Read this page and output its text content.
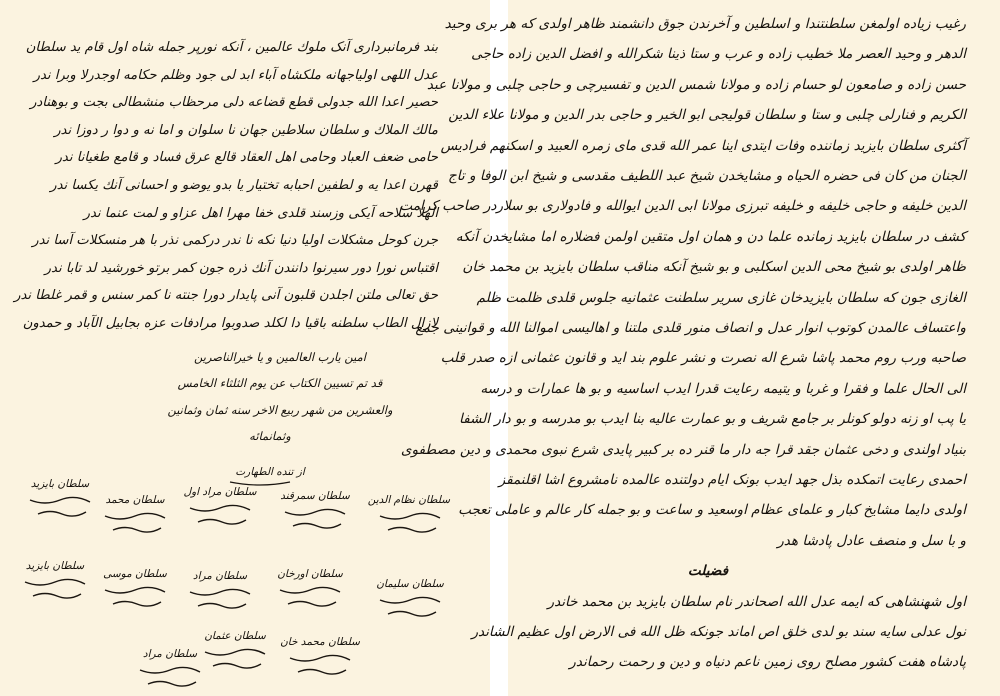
بند فرمانبرداری آنک ملوك عالمين ، آنکه نورپر جمله شاه اول قام ید سلطان
عدل اللهی اولیاجهانه ملکشاه آباء ابد لی جود وظلم حکامه اوجدرلا وبرا ندر
حصیر اعدا الله جدولی قطع قضاعه دلی مرحظاب منشطالی بجت و بوهنادر
مالك الملاك و سلطان سلاطین جهان نا سلوان و اما نه و دوا ر دوزا ندر
حامی ضعف العباد وحامی اهل العقاد قالع عرق فساد و قامع طغیانا ندر
قهرن اعدا یه و لطفین احبابه تختیار یا بدو یوضو و احسانی آنك یکسا ندر
الهلا سلاحه آیکی وزسند قلدی خفا مهرا اهل عزاو و لمت عنما ندر
جرن کوحل مشکلات اولیا دنیا نکه نا ندر درکمی نذر با هر منسکلات آسا ندر
اقتباس نورا دور سیرنوا دانندن آنك ذره جون کمر برتو خورشید لد تابا ندر
حق تعالی ملتن اجلدن قلبون آنی پایدار دورا جنته نا کمر سنس و قمر غلطا ندر
لازال الطاب سلطنه باقیا دا لکلد صدوبوا مرادفات عزه بجابیل الآباد و حمدون
امین یارب العالمین و یا خیرالناصرین
قد تم تسیین الکتاب عن یوم الثلثاء الخامس
والعشرین من شهر ربیع الاخر سنه ثمان وثمانین
وثمانمائه
از تنده الطهارت
سلطان نظام الدین
سلطان سمرقند
سلطان مراد اول
سلطان محمد
سلطان بایزید
سلطان سلیمان
سلطان اورخان
سلطان مراد
سلطان موسی
سلطان بایزید
سلطان عثمان	سلطان محمد خان
سلطان مراد
رغیب زیاده اولمغن سلطنتندا و اسلطین و آخرندن جوق دانشمند ظاهر اولدی که هر بری وحید
الدهر و وحید العصر ملا خطیب زاده و عرب و ستا ذینا شکرالله و افضل الدین زاده حاجی
حسن زاده و صامعون لو حسام زاده و مولانا شمس الدین و تفسیرچی و حاجی چلبی و مولانا عبد
الکریم و فنارلی چلبی و ستا و سلطان قولیجی ابو الخیر و حاجی بدر الدین و مولانا علاء الدین
آکثری سلطان بایزید زماننده وفات ایتدی اینا عمر الله قدی مای زمره العبید و اسکنهم فرادیس
الجنان من کان فی حضره الحیاه و مشایخدن شیخ عبد اللطیف مقدسی و شیخ ابن الوفا و تاج
الدین خلیفه و حاجی خلیفه و خلیفه تبرزی مولانا ابی الدین ایوالله و فادولاری بو سلاردر صاحب کرامت
کشف در سلطان بایزید زمانده علما دن و همان اول متقین اولمن فضلاره اما مشایخدن آنکه
ظاهر اولدی بو شیخ محی الدین اسکلبی و بو شیخ آنکه مناقب سلطان بایزید بن محمد خان
الغازی جون که سلطان بایزیدخان غازی سریر سلطنت عثمانیه جلوس قلدی ظلمت ظلم
واعتساف عالمدن کوتوب انوار عدل و انصاف منور قلدی ملتنا و اهالیسی اموالنا الله و قوانینی جمع
صاحبه ورب روم محمد پاشا شرع اله نصرت و نشر علوم بند اید و قانون عثمانی ازه صدر قلب
الی الحال علما و فقرا و غربا و یتیمه رعایت قدرا ایدب اساسیه و بو ها عمارات و درسه
یا پب او زنه دولو کونلر بر جامع شریف و بو عمارت عالیه بنا ایدب بو مدرسه و بو دار الشفا
بنیاد اولندی و دخی عثمان جقد قرا جه دار ما قنر ده بر کبیر پایدی شرع نبوی محمدی و دین مصطفوی
احمدی رعایت اتمکده بذل جهد ایدب بونک ایام دولتنده عالمده نامشروع اشا اقلنمقز
اولدی دایما مشایخ کبار و علمای عظام اوسعید و ساعت و بو جمله کار عالم و عاملی تعجب
و با سل و منصف عادل پادشا هدر
فضیلت
اول شهنشاهی که ایمه عدل الله اصحاندر نام سلطان بایزید بن محمد خاندر
نول عدلی سایه سند بو لدی خلق اص اماند جونکه ظل الله فی الارض اول عظیم الشاندر
پادشاه هفت کشور مصلح روی زمین ناعم دنیاه و دین و رحمت رحماندر
